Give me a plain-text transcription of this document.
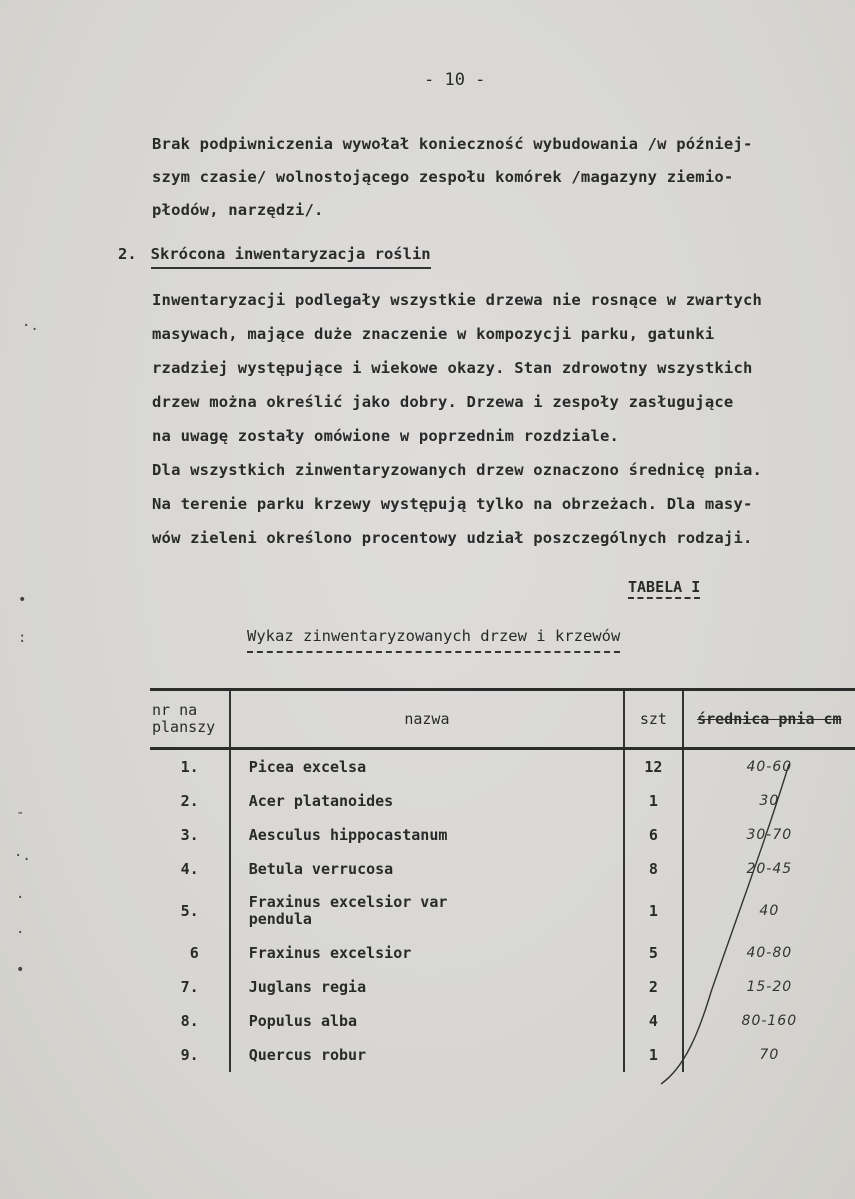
- 10 -
Brak podpiwniczenia wywołał konieczność wybudowania /w później-
szym czasie/ wolnostojącego zespołu komórek /magazyny ziemio-
płodów, narzędzi/.
2. Skrócona inwentaryzacja roślin
Inwentaryzacji podlegały wszystkie drzewa nie rosnące w zwartych
masywach, mające duże znaczenie w kompozycji parku, gatunki
rzadziej występujące i wiekowe okazy. Stan zdrowotny wszystkich
drzew można określić jako dobry. Drzewa i zespoły zasługujące
na uwagę zostały omówione w poprzednim rozdziale.
Dla wszystkich zinwentaryzowanych drzew oznaczono średnicę pnia.
Na terenie parku krzewy występują tylko na obrzeżach. Dla masy-
wów zieleni określono procentowy udział poszczególnych rodzaji.
TABELA I
Wykaz zinwentaryzowanych drzew i krzewów
nr na planszy	nazwa	szt	średnica pnia cm
1.	Picea excelsa	12	40-60
2.	Acer platanoides	1	30
3.	Aesculus hippocastanum	6	30-70
4.	Betula verrucosa	8	20-45
5.	Fraxinus excelsior var pendula	1	40
6	Fraxinus excelsior	5	40-80
7.	Juglans regia	2	15-20
8.	Populus alba	4	80-160
9.	Quercus robur	1	70
·.
•
:
-
·.
·
·
•
